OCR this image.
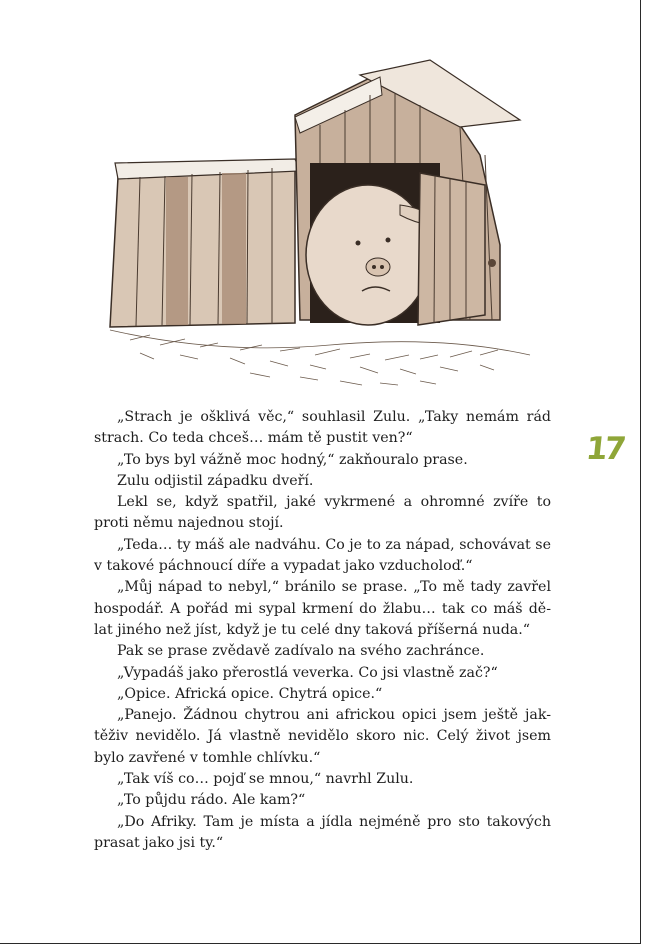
17

„Strach je ošklivá věc,“ souhlasil Zulu. „Taky nemám rád

strach. Co teda chceš… mám tě pustit ven?“

„To bys byl vážně moc hodný,“ zakňouralo prase.

Zulu odjistil západku dveří.

Lekl se, když spatřil, jaké vykrmené a ohromné zvíře to

proti němu najednou stojí.

„Teda… ty máš ale nadváhu. Co je to za nápad, schovávat se

v takové páchnoucí díře a vypadat jako vzducholoď.“

„Můj nápad to nebyl,“ bránilo se prase. „To mě tady zavřel

hospodář. A pořád mi sypal krmení do žlabu… tak co máš dě-

lat jiného než jíst, když je tu celé dny taková příšerná nuda.“

Pak se prase zvědavě zadívalo na svého zachránce.

„Vypadáš jako přerostlá veverka. Co jsi vlastně zač?“

„Opice. Africká opice. Chytrá opice.“

„Panejo. Žádnou chytrou ani africkou opici jsem ještě jak-

těživ nevidělo. Já vlastně nevidělo skoro nic. Celý život jsem

bylo zavřené v tomhle chlívku.“

„Tak víš co… pojď se mnou,“ navrhl Zulu.

„To půjdu rádo. Ale kam?“

„Do Afriky. Tam je místa a jídla nejméně pro sto takových

prasat jako jsi ty.“
